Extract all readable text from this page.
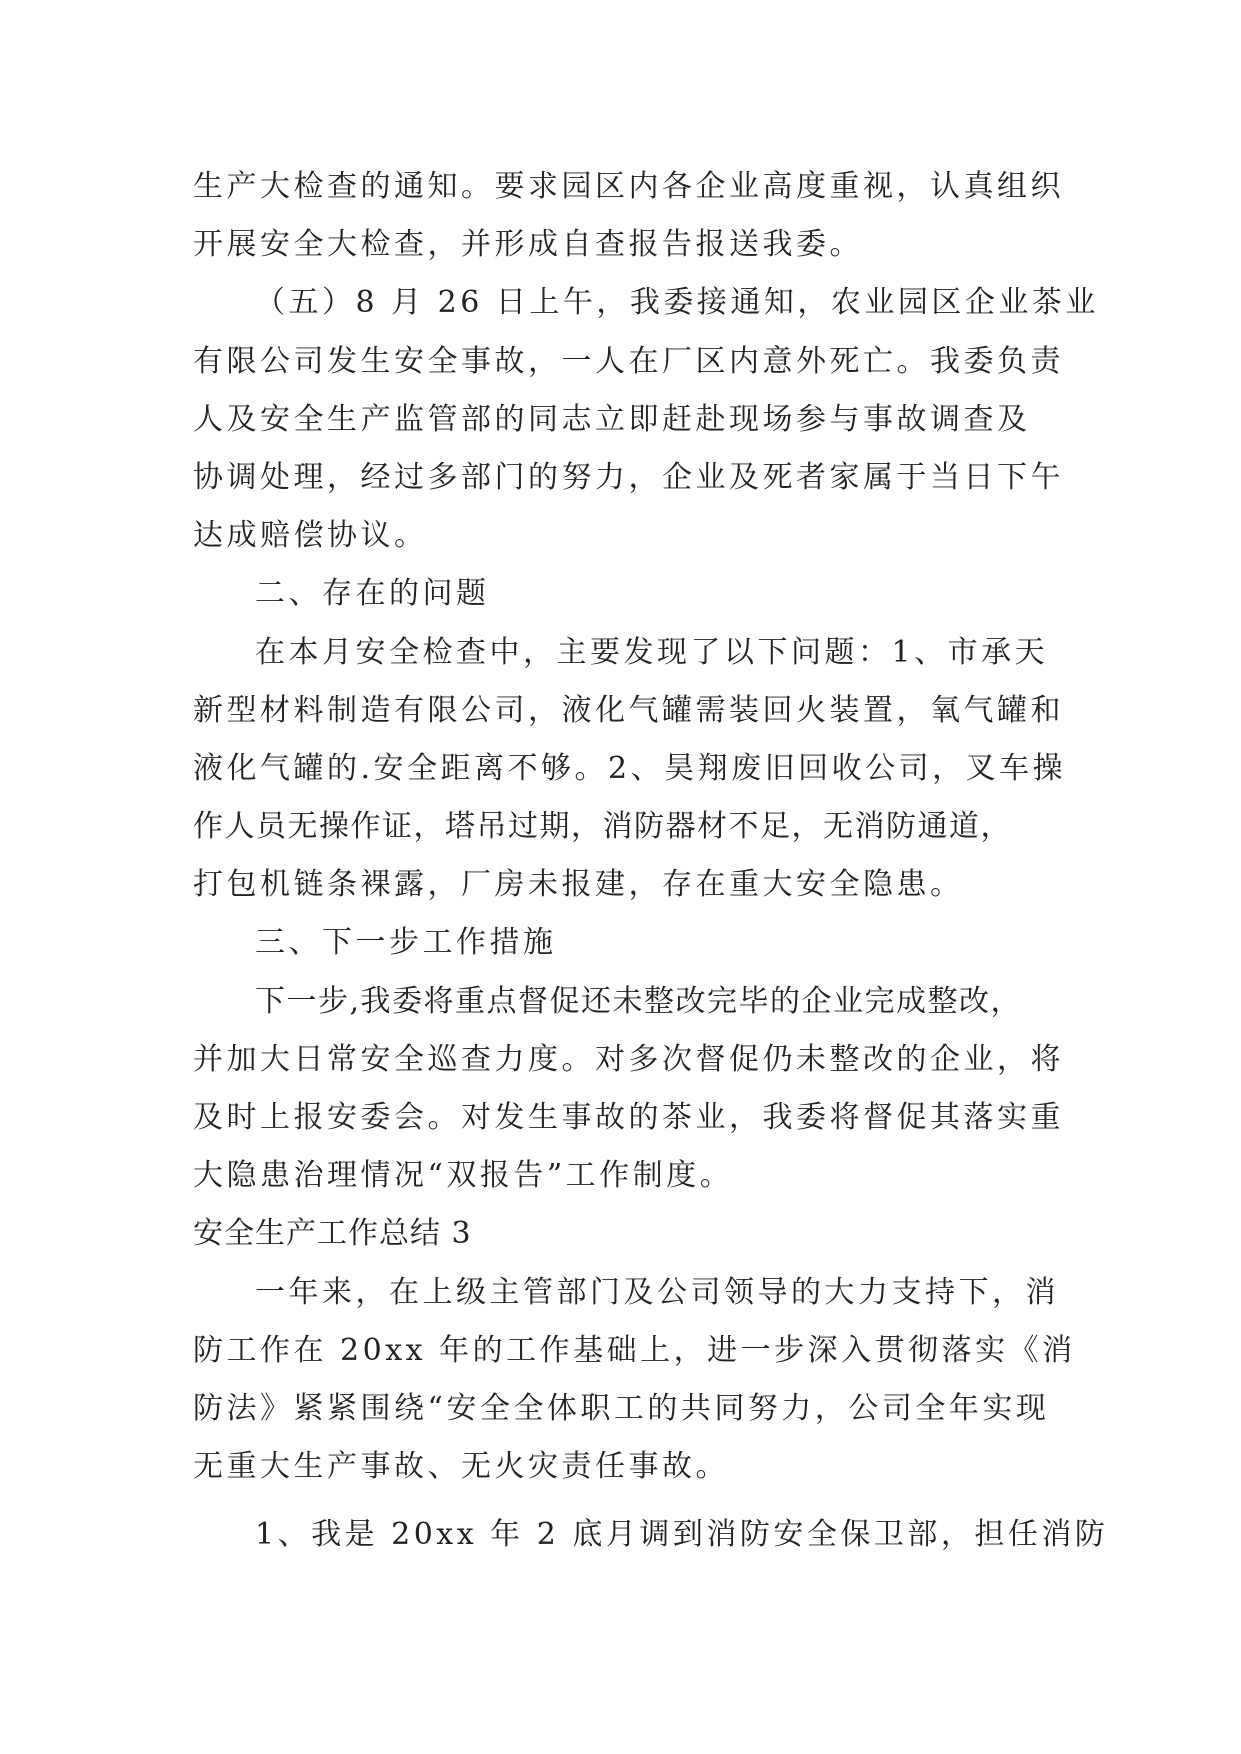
生产大检查的通知。要求园区内各企业高度重视，认真组织
开展安全大检查，并形成自查报告报送我委。
（五）8 月 26 日上午，我委接通知，农业园区企业茶业
有限公司发生安全事故，一人在厂区内意外死亡。我委负责
人及安全生产监管部的同志立即赶赴现场参与事故调查及
协调处理，经过多部门的努力，企业及死者家属于当日下午
达成赔偿协议。
二、存在的问题
在本月安全检查中，主要发现了以下问题：1、市承天
新型材料制造有限公司，液化气罐需装回火装置，氧气罐和
液化气罐的.安全距离不够。2、昊翔废旧回收公司，叉车操
作人员无操作证，塔吊过期，消防器材不足，无消防通道，
打包机链条裸露，厂房未报建，存在重大安全隐患。
三、下一步工作措施
下一步,我委将重点督促还未整改完毕的企业完成整改，
并加大日常安全巡查力度。对多次督促仍未整改的企业，将
及时上报安委会。对发生事故的茶业，我委将督促其落实重
大隐患治理情况“双报告”工作制度。
安全生产工作总结 3
一年来，在上级主管部门及公司领导的大力支持下，消
防工作在 20xx 年的工作基础上，进一步深入贯彻落实《消
防法》紧紧围绕“安全全体职工的共同努力，公司全年实现
无重大生产事故、无火灾责任事故。
1、我是 20xx 年 2 底月调到消防安全保卫部，担任消防
